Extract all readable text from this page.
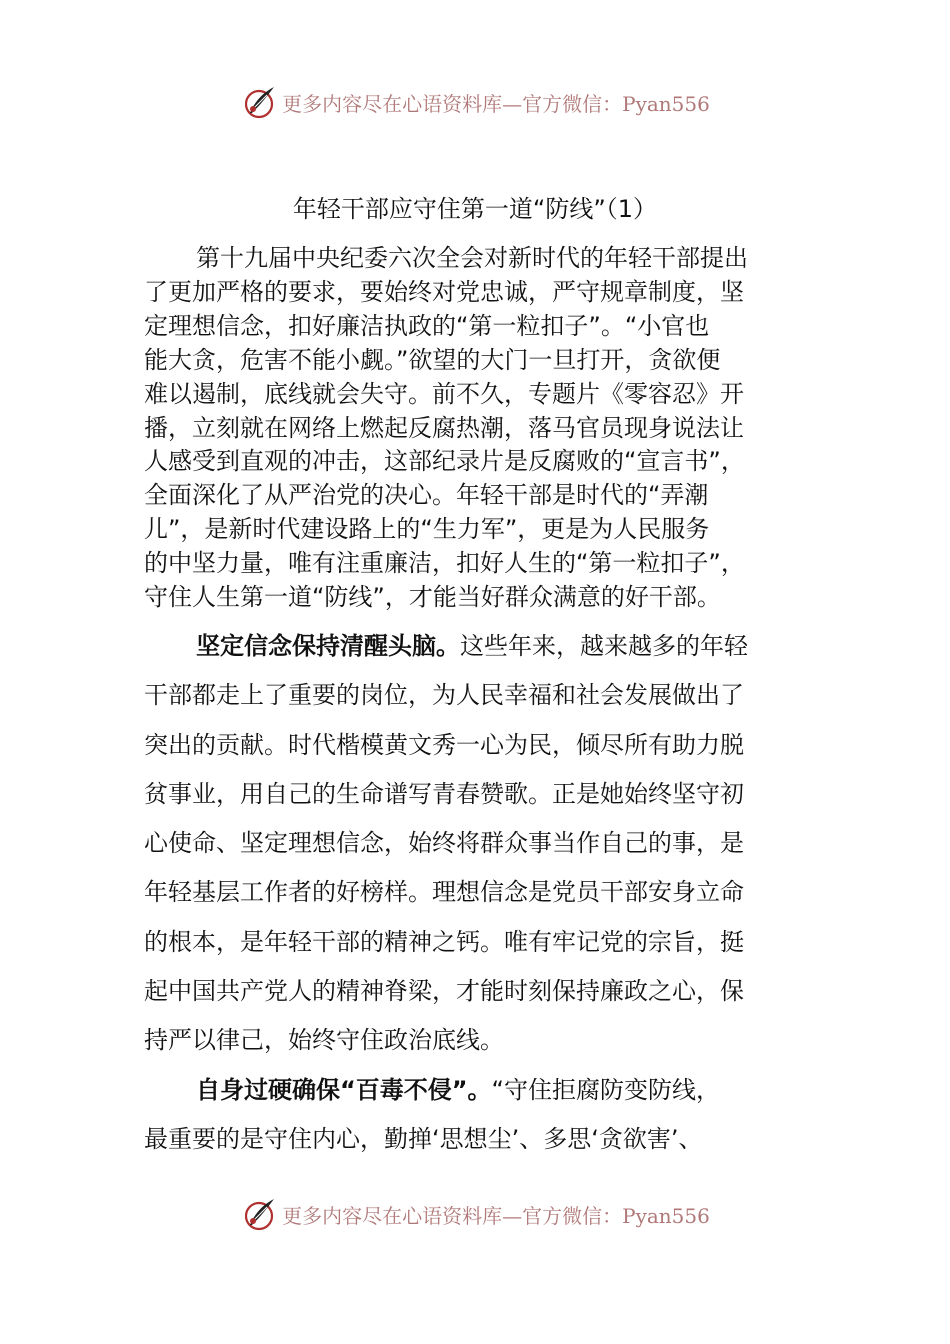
更多内容尽在心语资料库—官方微信：Pyan556
年轻干部应守住第一道“防线”（1）
第十九届中央纪委六次全会对新时代的年轻干部提出
了更加严格的要求，要始终对党忠诚，严守规章制度，坚
定理想信念，扣好廉洁执政的“第一粒扣子”。“小官也
能大贪，危害不能小觑。”欲望的大门一旦打开，贪欲便
难以遏制，底线就会失守。前不久，专题片《零容忍》开
播，立刻就在网络上燃起反腐热潮，落马官员现身说法让
人感受到直观的冲击，这部纪录片是反腐败的“宣言书”，
全面深化了从严治党的决心。年轻干部是时代的“弄潮
儿”，是新时代建设路上的“生力军”，更是为人民服务
的中坚力量，唯有注重廉洁，扣好人生的“第一粒扣子”，
守住人生第一道“防线”，才能当好群众满意的好干部。
坚定信念保持清醒头脑。这些年来，越来越多的年轻
干部都走上了重要的岗位，为人民幸福和社会发展做出了
突出的贡献。时代楷模黄文秀一心为民，倾尽所有助力脱
贫事业，用自己的生命谱写青春赞歌。正是她始终坚守初
心使命、坚定理想信念，始终将群众事当作自己的事，是
年轻基层工作者的好榜样。理想信念是党员干部安身立命
的根本，是年轻干部的精神之钙。唯有牢记党的宗旨，挺
起中国共产党人的精神脊梁，才能时刻保持廉政之心，保
持严以律己，始终守住政治底线。
自身过硬确保“百毒不侵”。“守住拒腐防变防线，
最重要的是守住内心，勤掸‘思想尘’、多思‘贪欲害’、
更多内容尽在心语资料库—官方微信：Pyan556
